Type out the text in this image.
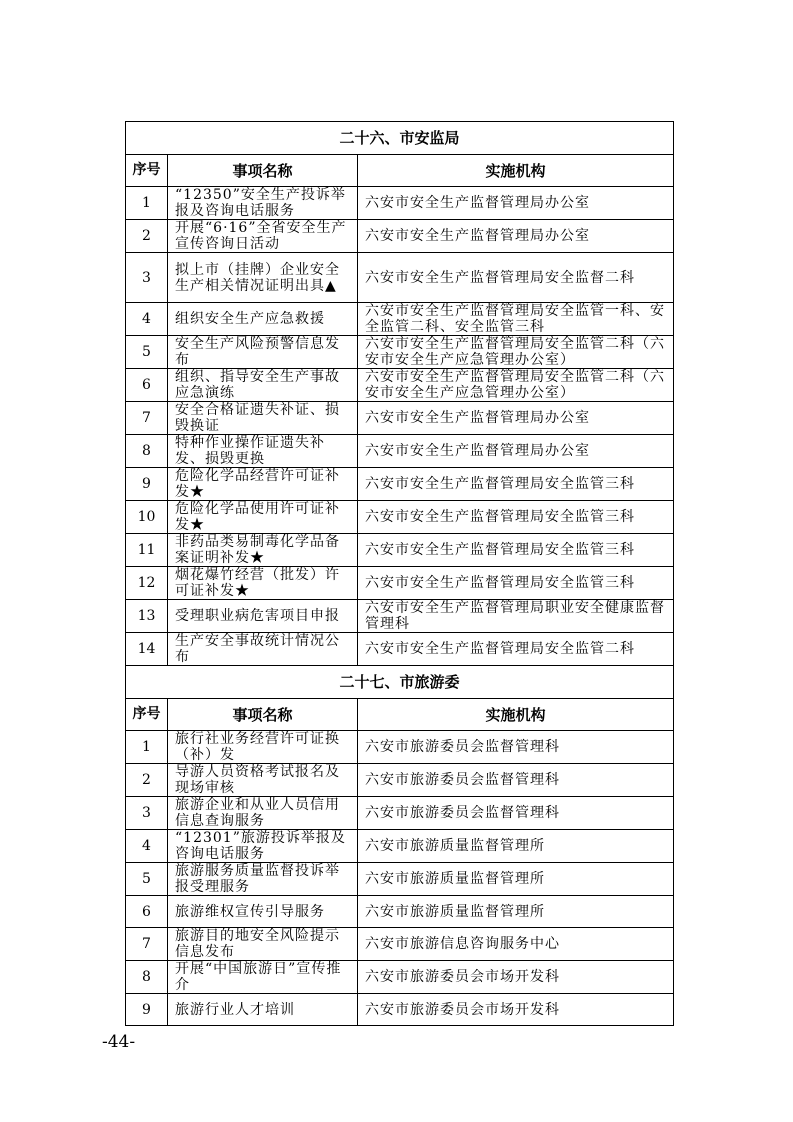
二十六、市安监局		
序号	事项名称	实施机构
1	“12350”安全生产投诉举报及咨询电话服务	六安市安全生产监督管理局办公室
2	开展“6·16”全省安全生产宣传咨询日活动	六安市安全生产监督管理局办公室
3	拟上市（挂牌）企业安全生产相关情况证明出具▲	六安市安全生产监督管理局安全监督二科
4	组织安全生产应急救援	六安市安全生产监督管理局安全监管一科、安全监管二科、安全监管三科
5	安全生产风险预警信息发布	六安市安全生产监督管理局安全监管二科（六安市安全生产应急管理办公室）
6	组织、指导安全生产事故应急演练	六安市安全生产监督管理局安全监管二科（六安市安全生产应急管理办公室）
7	安全合格证遗失补证、损毁换证	六安市安全生产监督管理局办公室
8	特种作业操作证遗失补发、损毁更换	六安市安全生产监督管理局办公室
9	危险化学品经营许可证补发★	六安市安全生产监督管理局安全监管三科
10	危险化学品使用许可证补发★	六安市安全生产监督管理局安全监管三科
11	非药品类易制毒化学品备案证明补发★	六安市安全生产监督管理局安全监管三科
12	烟花爆竹经营（批发）许可证补发★	六安市安全生产监督管理局安全监管三科
13	受理职业病危害项目申报	六安市安全生产监督管理局职业安全健康监督管理科
14	生产安全事故统计情况公布	六安市安全生产监督管理局安全监管二科
二十七、市旅游委		
序号	事项名称	实施机构
1	旅行社业务经营许可证换（补）发	六安市旅游委员会监督管理科
2	导游人员资格考试报名及现场审核	六安市旅游委员会监督管理科
3	旅游企业和从业人员信用信息查询服务	六安市旅游委员会监督管理科
4	“12301”旅游投诉举报及咨询电话服务	六安市旅游质量监督管理所
5	旅游服务质量监督投诉举报受理服务	六安市旅游质量监督管理所
6	旅游维权宣传引导服务	六安市旅游质量监督管理所
7	旅游目的地安全风险提示信息发布	六安市旅游信息咨询服务中心
8	开展“中国旅游日”宣传推介	六安市旅游委员会市场开发科
9	旅游行业人才培训	六安市旅游委员会市场开发科
-44-
